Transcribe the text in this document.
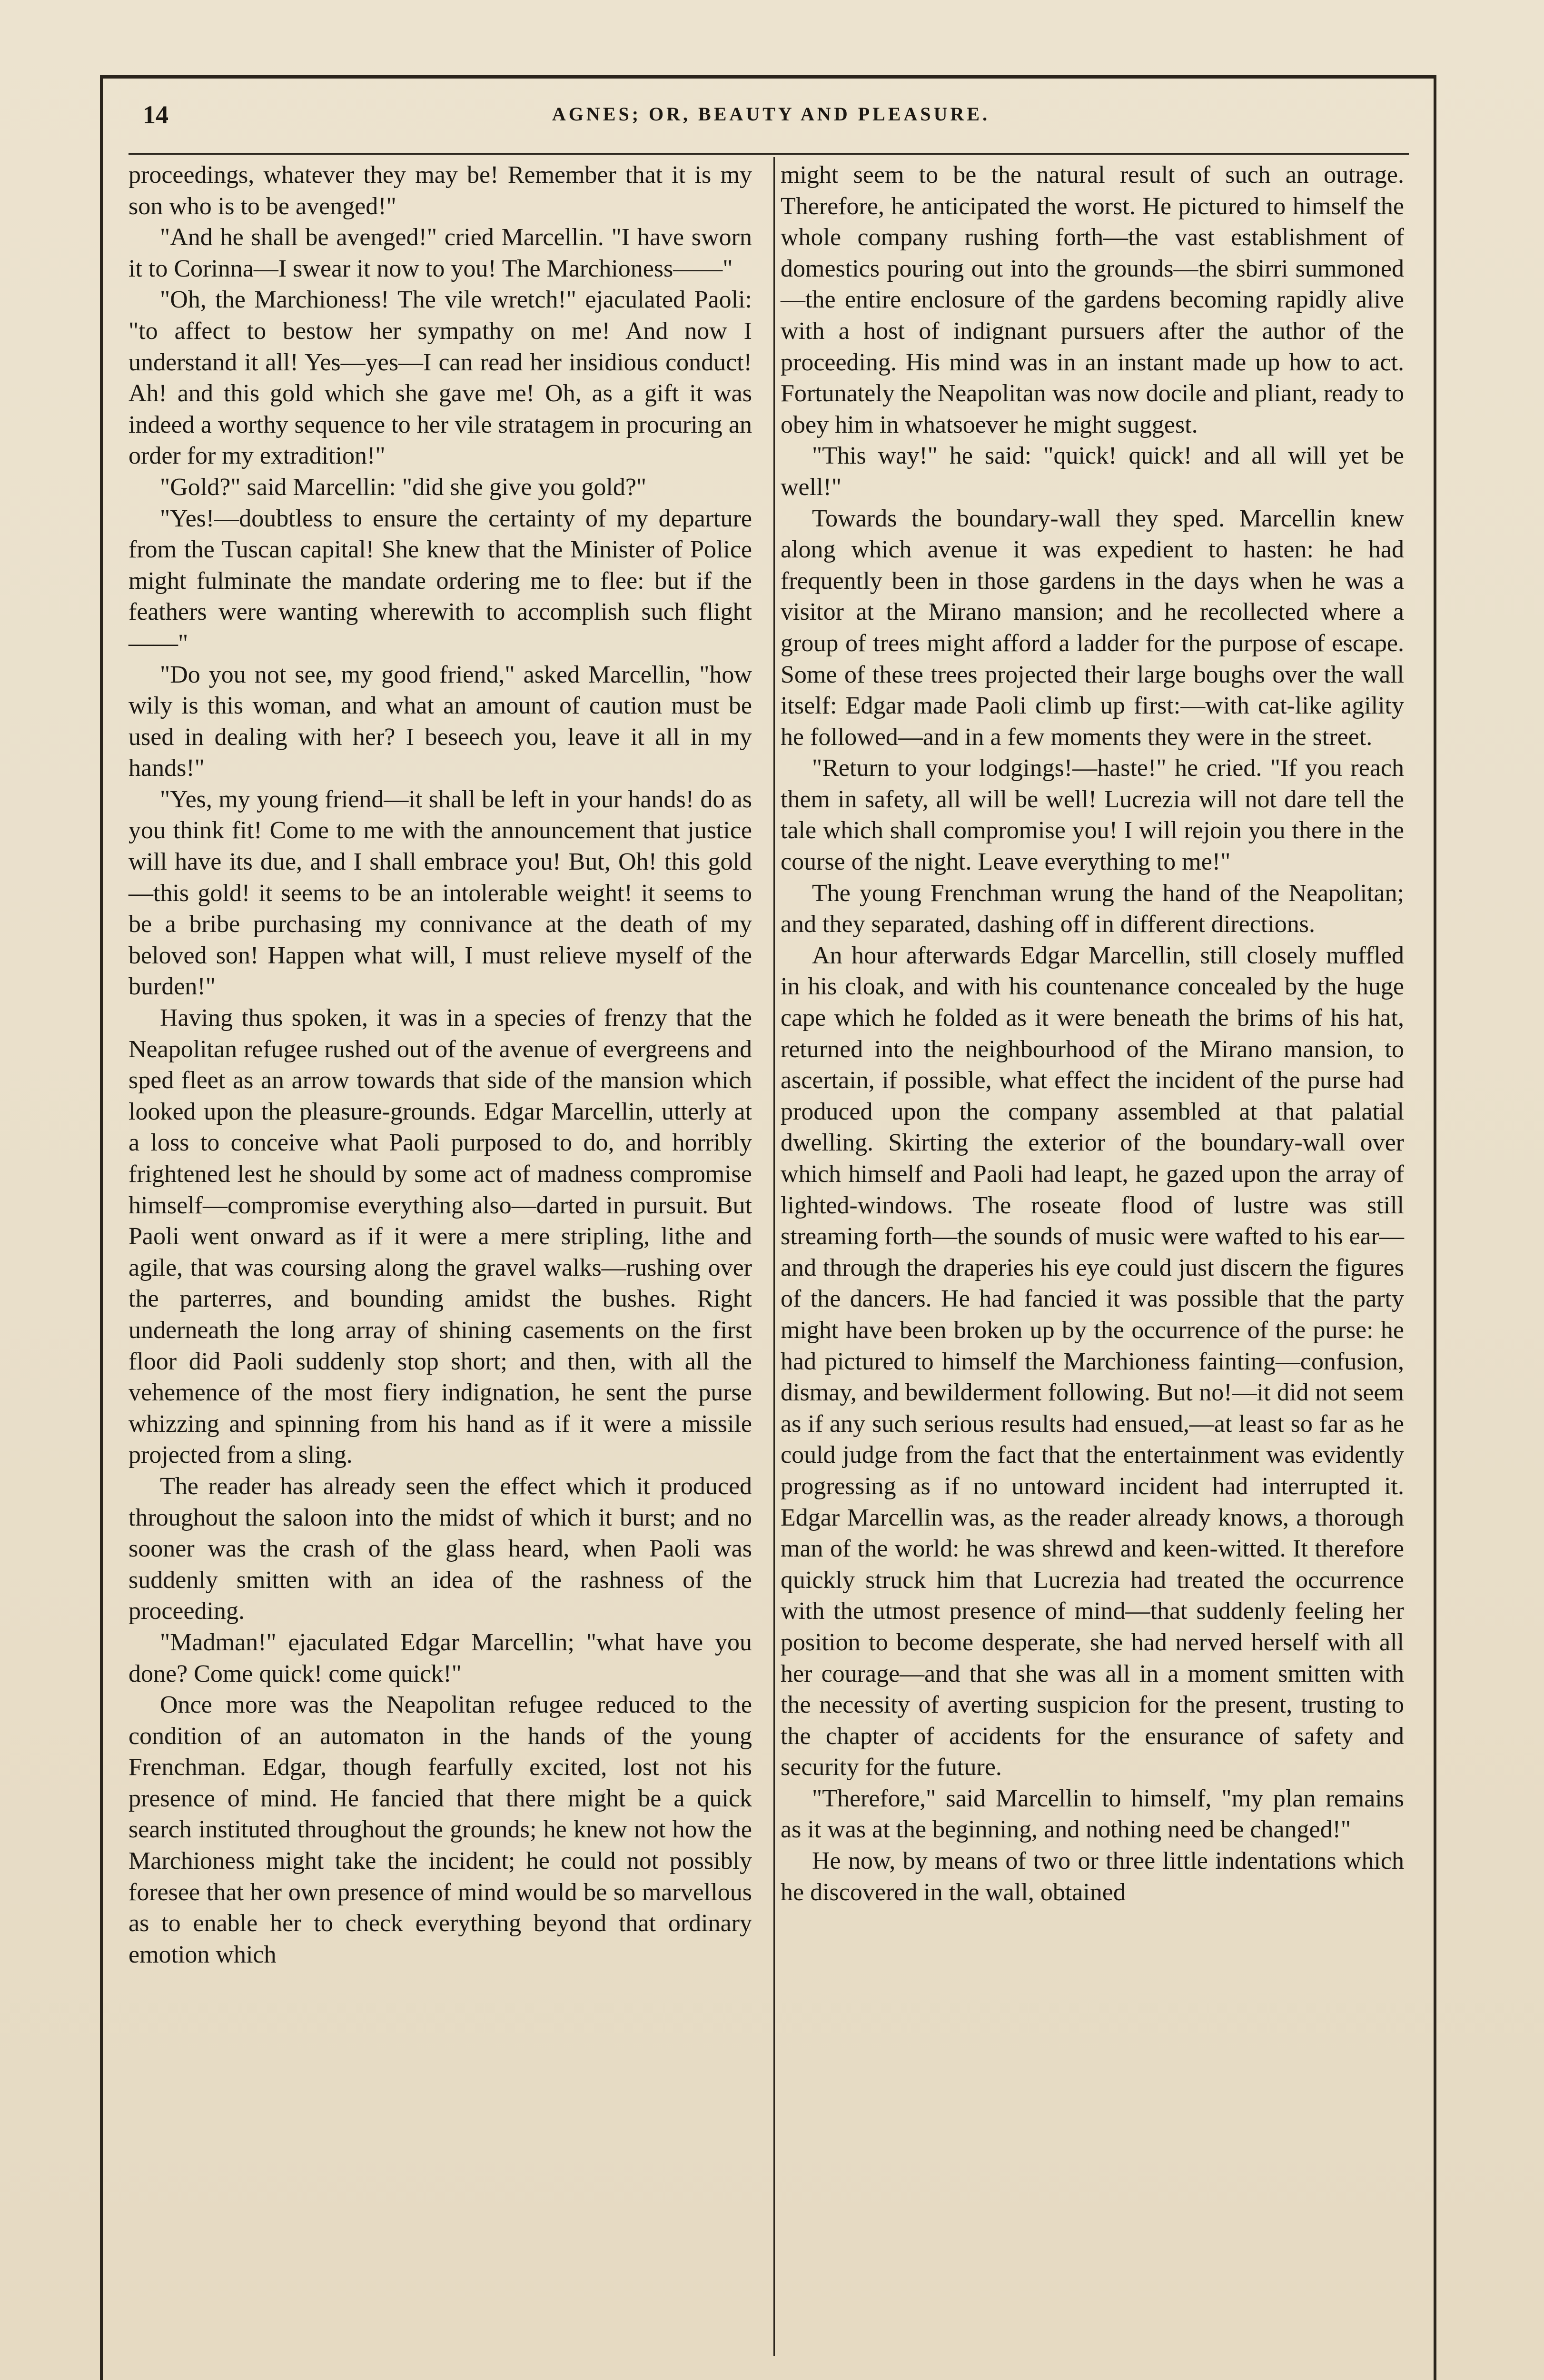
14	AGNES; OR, BEAUTY AND PLEASURE.

proceedings, whatever they may be! Remember that it is my son who is to be avenged!"

"And he shall be avenged!" cried Marcellin. "I have sworn it to Corinna—I swear it now to you! The Marchioness——"

"Oh, the Marchioness! The vile wretch!" ejaculated Paoli: "to affect to bestow her sympathy on me! And now I understand it all! Yes—yes—I can read her insidious conduct! Ah! and this gold which she gave me! Oh, as a gift it was indeed a worthy sequence to her vile stratagem in procuring an order for my extradition!"

"Gold?" said Marcellin: "did she give you gold?"

"Yes!—doubtless to ensure the certainty of my departure from the Tuscan capital! She knew that the Minister of Police might fulminate the mandate ordering me to flee: but if the feathers were wanting wherewith to accomplish such flight——"

"Do you not see, my good friend," asked Marcellin, "how wily is this woman, and what an amount of caution must be used in dealing with her? I beseech you, leave it all in my hands!"

"Yes, my young friend—it shall be left in your hands! do as you think fit! Come to me with the announcement that justice will have its due, and I shall embrace you! But, Oh! this gold—this gold! it seems to be an intolerable weight! it seems to be a bribe purchasing my connivance at the death of my beloved son! Happen what will, I must relieve myself of the burden!"

Having thus spoken, it was in a species of frenzy that the Neapolitan refugee rushed out of the avenue of evergreens and sped fleet as an arrow towards that side of the mansion which looked upon the pleasure-grounds. Edgar Marcellin, utterly at a loss to conceive what Paoli purposed to do, and horribly frightened lest he should by some act of madness compromise himself—compromise everything also—darted in pursuit. But Paoli went onward as if it were a mere stripling, lithe and agile, that was coursing along the gravel walks—rushing over the parterres, and bounding amidst the bushes. Right underneath the long array of shining casements on the first floor did Paoli suddenly stop short; and then, with all the vehemence of the most fiery indignation, he sent the purse whizzing and spinning from his hand as if it were a missile projected from a sling.

The reader has already seen the effect which it produced throughout the saloon into the midst of which it burst; and no sooner was the crash of the glass heard, when Paoli was suddenly smitten with an idea of the rashness of the proceeding.

"Madman!" ejaculated Edgar Marcellin; "what have you done? Come quick! come quick!"

Once more was the Neapolitan refugee reduced to the condition of an automaton in the hands of the young Frenchman. Edgar, though fearfully excited, lost not his presence of mind. He fancied that there might be a quick search instituted throughout the grounds; he knew not how the Marchioness might take the incident; he could not possibly foresee that her own presence of mind would be so marvellous as to enable her to check everything beyond that ordinary emotion which

might seem to be the natural result of such an outrage. Therefore, he anticipated the worst. He pictured to himself the whole company rushing forth—the vast establishment of domestics pouring out into the grounds—the sbirri summoned—the entire enclosure of the gardens becoming rapidly alive with a host of indignant pursuers after the author of the proceeding. His mind was in an instant made up how to act. Fortunately the Neapolitan was now docile and pliant, ready to obey him in whatsoever he might suggest.

"This way!" he said: "quick! quick! and all will yet be well!"

Towards the boundary-wall they sped. Marcellin knew along which avenue it was expedient to hasten: he had frequently been in those gardens in the days when he was a visitor at the Mirano mansion; and he recollected where a group of trees might afford a ladder for the purpose of escape. Some of these trees projected their large boughs over the wall itself: Edgar made Paoli climb up first:—with cat-like agility he followed—and in a few moments they were in the street.

"Return to your lodgings!—haste!" he cried. "If you reach them in safety, all will be well! Lucrezia will not dare tell the tale which shall compromise you! I will rejoin you there in the course of the night. Leave everything to me!"

The young Frenchman wrung the hand of the Neapolitan; and they separated, dashing off in different directions.

An hour afterwards Edgar Marcellin, still closely muffled in his cloak, and with his countenance concealed by the huge cape which he folded as it were beneath the brims of his hat, returned into the neighbourhood of the Mirano mansion, to ascertain, if possible, what effect the incident of the purse had produced upon the company assembled at that palatial dwelling. Skirting the exterior of the boundary-wall over which himself and Paoli had leapt, he gazed upon the array of lighted-windows. The roseate flood of lustre was still streaming forth—the sounds of music were wafted to his ear—and through the draperies his eye could just discern the figures of the dancers. He had fancied it was possible that the party might have been broken up by the occurrence of the purse: he had pictured to himself the Marchioness fainting—confusion, dismay, and bewilderment following. But no!—it did not seem as if any such serious results had ensued,—at least so far as he could judge from the fact that the entertainment was evidently progressing as if no untoward incident had interrupted it. Edgar Marcellin was, as the reader already knows, a thorough man of the world: he was shrewd and keen-witted. It therefore quickly struck him that Lucrezia had treated the occurrence with the utmost presence of mind—that suddenly feeling her position to become desperate, she had nerved herself with all her courage—and that she was all in a moment smitten with the necessity of averting suspicion for the present, trusting to the chapter of accidents for the ensurance of safety and security for the future.

"Therefore," said Marcellin to himself, "my plan remains as it was at the beginning, and nothing need be changed!"

He now, by means of two or three little indentations which he discovered in the wall, obtained
